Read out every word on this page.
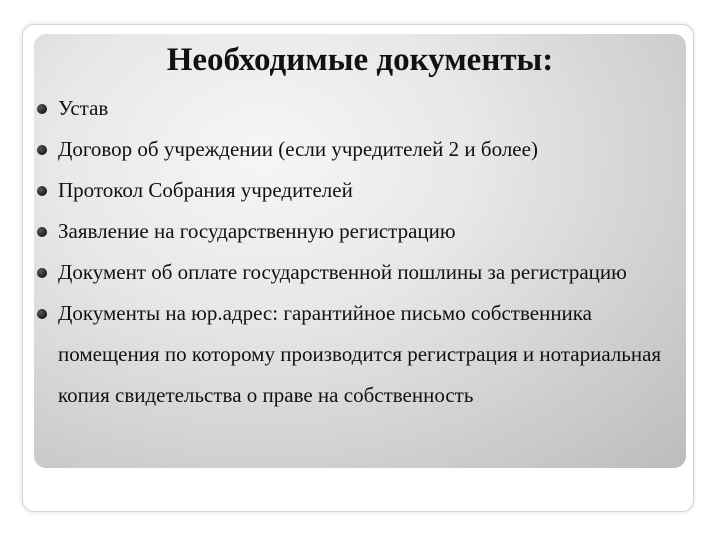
Необходимые документы:
Устав
Договор об учреждении (если учредителей 2 и более)
Протокол Собрания учредителей
Заявление на государственную регистрацию
Документ об оплате государственной пошлины за регистрацию
Документы на юр.адрес: гарантийное письмо собственника помещения по которому производится регистрация и нотариальная копия свидетельства о праве на собственность
